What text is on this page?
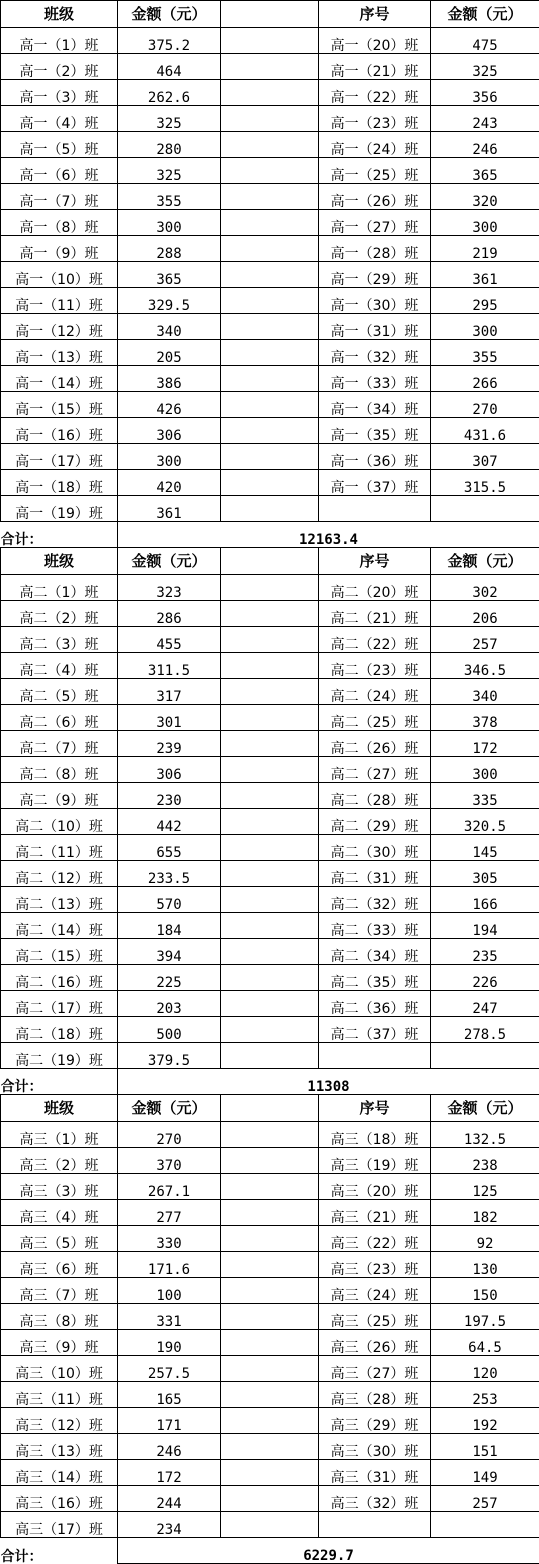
班级	金额（元）		序号	金额（元）
高一（1）班	375.2		高一（20）班	475
高一（2）班	464		高一（21）班	325
高一（3）班	262.6		高一（22）班	356
高一（4）班	325		高一（23）班	243
高一（5）班	280		高一（24）班	246
高一（6）班	325		高一（25）班	365
高一（7）班	355		高一（26）班	320
高一（8）班	300		高一（27）班	300
高一（9）班	288		高一（28）班	219
高一（10）班	365		高一（29）班	361
高一（11）班	329.5		高一（30）班	295
高一（12）班	340		高一（31）班	300
高一（13）班	205		高一（32）班	355
高一（14）班	386		高一（33）班	266
高一（15）班	426		高一（34）班	270
高一（16）班	306		高一（35）班	431.6
高一（17）班	300		高一（36）班	307
高一（18）班	420		高一（37）班	315.5
高一（19）班	361			
合计：	12163.4			
班级	金额（元）		序号	金额（元）
高二（1）班	323		高二（20）班	302
高二（2）班	286		高二（21）班	206
高二（3）班	455		高二（22）班	257
高二（4）班	311.5		高二（23）班	346.5
高二（5）班	317		高二（24）班	340
高二（6）班	301		高二（25）班	378
高二（7）班	239		高二（26）班	172
高二（8）班	306		高二（27）班	300
高二（9）班	230		高二（28）班	335
高二（10）班	442		高二（29）班	320.5
高二（11）班	655		高二（30）班	145
高二（12）班	233.5		高二（31）班	305
高二（13）班	570		高二（32）班	166
高二（14）班	184		高二（33）班	194
高二（15）班	394		高二（34）班	235
高二（16）班	225		高二（35）班	226
高二（17）班	203		高二（36）班	247
高二（18）班	500		高二（37）班	278.5
高二（19）班	379.5			
合计：	11308			
班级	金额（元）		序号	金额（元）
高三（1）班	270		高三（18）班	132.5
高三（2）班	370		高三（19）班	238
高三（3）班	267.1		高三（20）班	125
高三（4）班	277		高三（21）班	182
高三（5）班	330		高三（22）班	92
高三（6）班	171.6		高三（23）班	130
高三（7）班	100		高三（24）班	150
高三（8）班	331		高三（25）班	197.5
高三（9）班	190		高三（26）班	64.5
高三（10）班	257.5		高三（27）班	120
高三（11）班	165		高三（28）班	253
高三（12）班	171		高三（29）班	192
高三（13）班	246		高三（30）班	151
高三（14）班	172		高三（31）班	149
高三（16）班	244		高三（32）班	257
高三（17）班	234			
合计：	6229.7			
